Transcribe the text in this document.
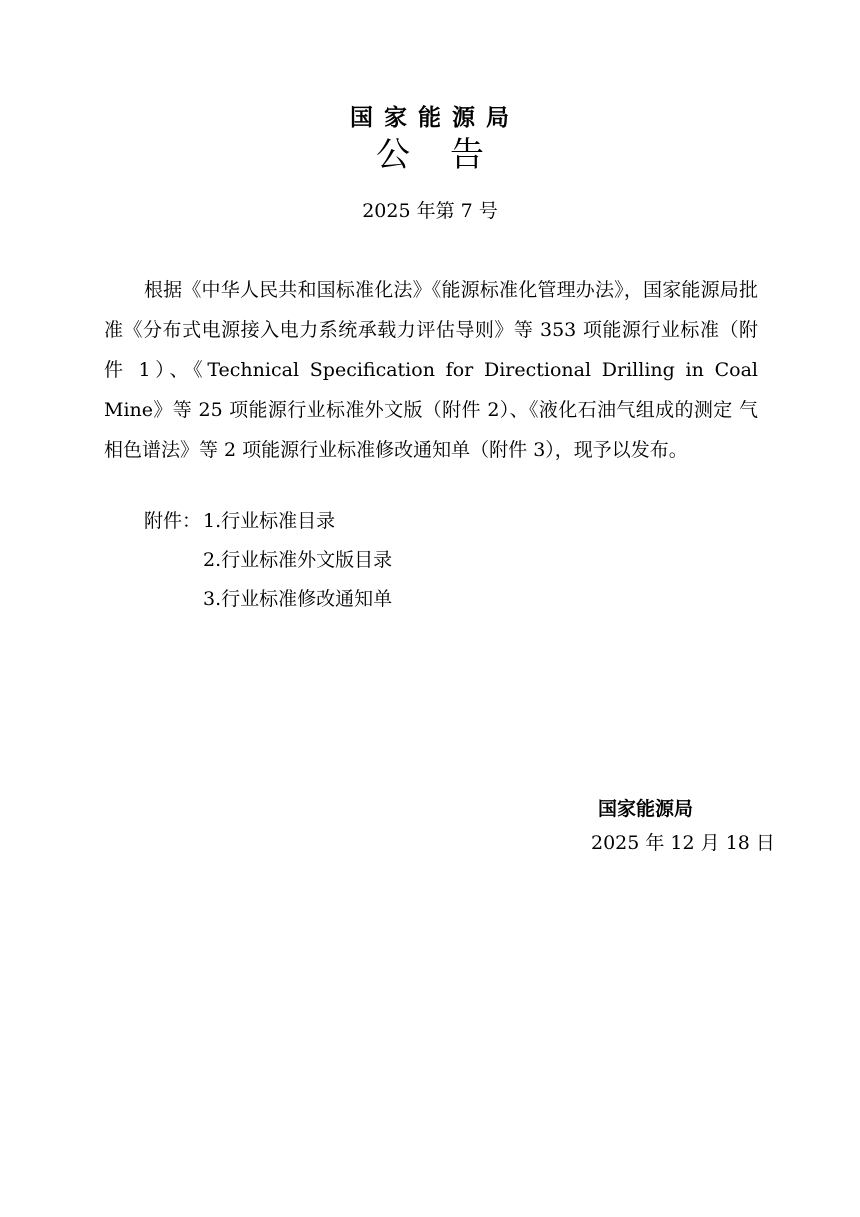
国家能源局
公告
2025 年第 7 号

根据《中华人民共和国标准化法》《能源标准化管理办法》，国家能源局批准《分布式电源接入电力系统承载力评估导则》等 353 项能源行业标准（附件 1）、《Technical Specification for Directional Drilling in Coal Mine》等 25 项能源行业标准外文版（附件 2）、《液化石油气组成的测定 气相色谱法》等 2 项能源行业标准修改通知单（附件 3），现予以发布。

附件： 1.行业标准目录
2.行业标准外文版目录
3.行业标准修改通知单
国家能源局
2025 年 12 月 18 日
